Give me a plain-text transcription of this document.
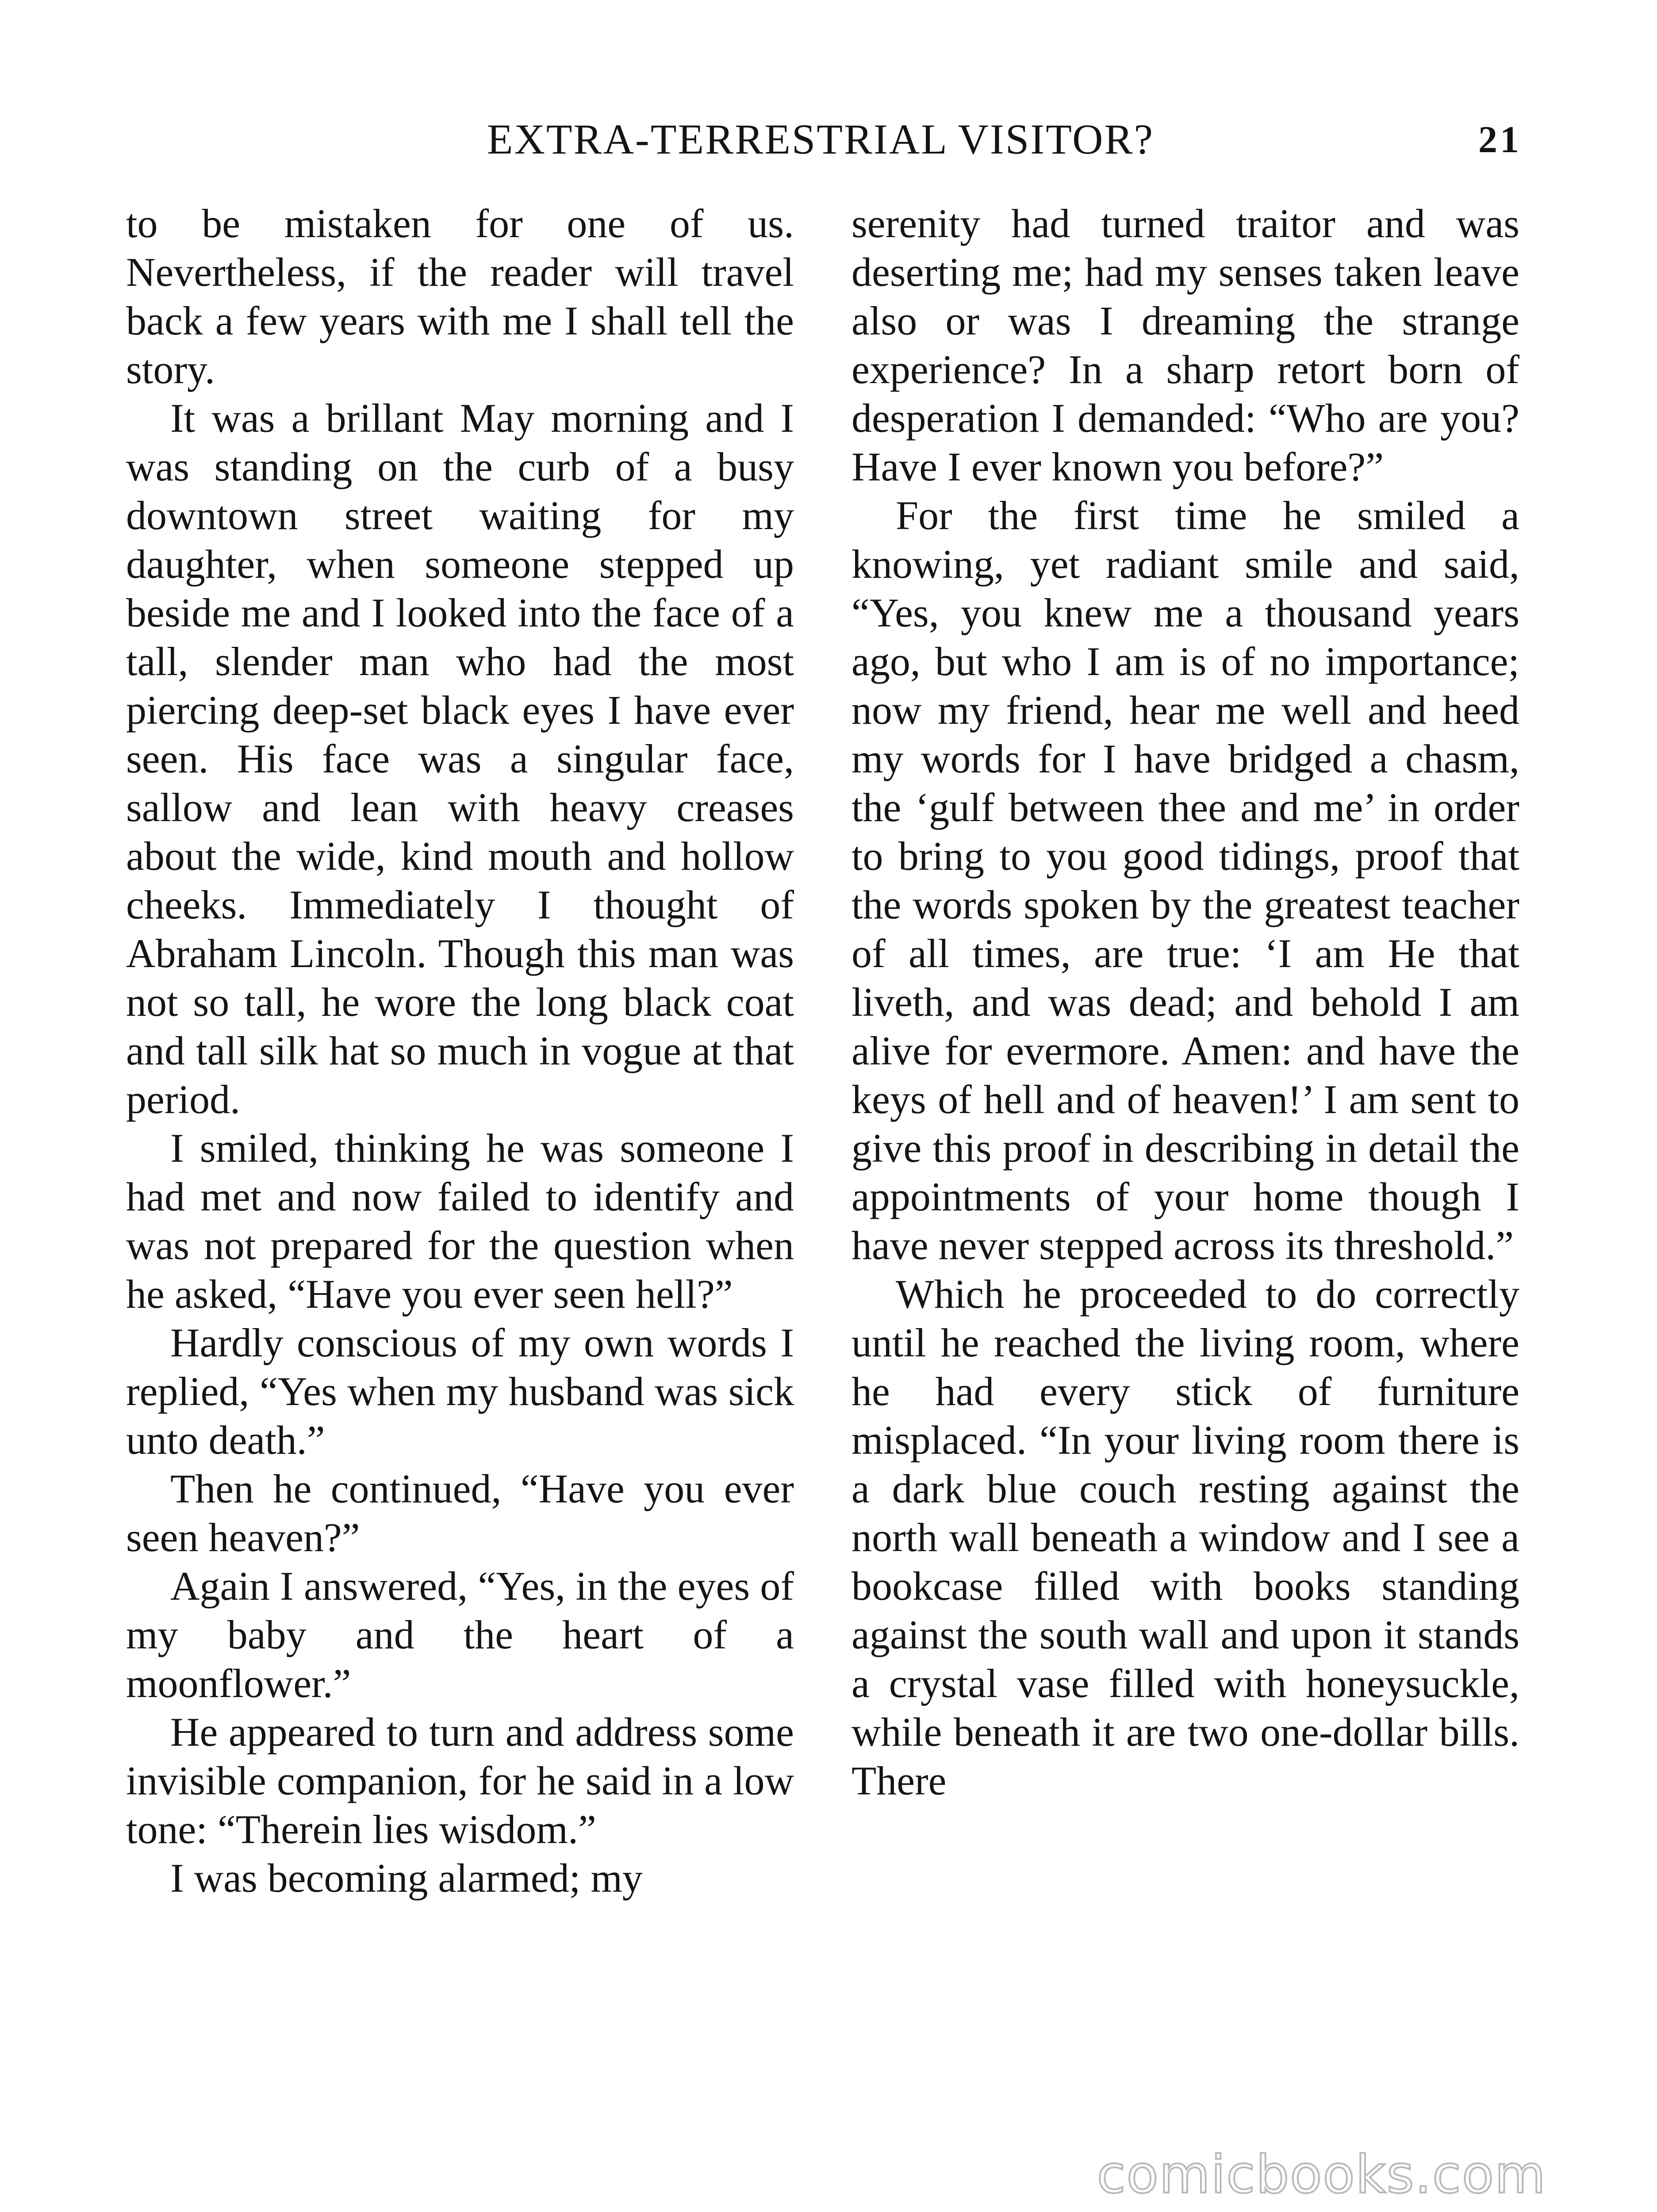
EXTRA-TERRESTRIAL VISITOR?	21

to be mistaken for one of us. Nevertheless, if the reader will travel back a few years with me I shall tell the story.

It was a brillant May morning and I was standing on the curb of a busy downtown street waiting for my daughter, when someone stepped up beside me and I looked into the face of a tall, slender man who had the most piercing deep-set black eyes I have ever seen. His face was a singular face, sallow and lean with heavy creases about the wide, kind mouth and hollow cheeks. Immediately I thought of Abraham Lincoln. Though this man was not so tall, he wore the long black coat and tall silk hat so much in vogue at that period.

I smiled, thinking he was someone I had met and now failed to identify and was not prepared for the question when he asked, “Have you ever seen hell?”

Hardly conscious of my own words I replied, “Yes when my husband was sick unto death.”

Then he continued, “Have you ever seen heaven?”

Again I answered, “Yes, in the eyes of my baby and the heart of a moonflower.”

He appeared to turn and address some invisible companion, for he said in a low tone: “Therein lies wisdom.”

I was becoming alarmed; my

serenity had turned traitor and was deserting me; had my senses taken leave also or was I dreaming the strange experience? In a sharp retort born of desperation I demanded: “Who are you? Have I ever known you before?”

For the first time he smiled a knowing, yet radiant smile and said, “Yes, you knew me a thousand years ago, but who I am is of no importance; now my friend, hear me well and heed my words for I have bridged a chasm, the ‘gulf between thee and me’ in order to bring to you good tidings, proof that the words spoken by the greatest teacher of all times, are true: ‘I am He that liveth, and was dead; and behold I am alive for evermore. Amen: and have the keys of hell and of heaven!’ I am sent to give this proof in describing in detail the appointments of your home though I have never stepped across its threshold.”

Which he proceeded to do correctly until he reached the living room, where he had every stick of furniture misplaced. “In your living room there is a dark blue couch resting against the north wall beneath a window and I see a bookcase filled with books standing against the south wall and upon it stands a crystal vase filled with honeysuckle, while beneath it are two one-dollar bills. There

comicbooks.com
